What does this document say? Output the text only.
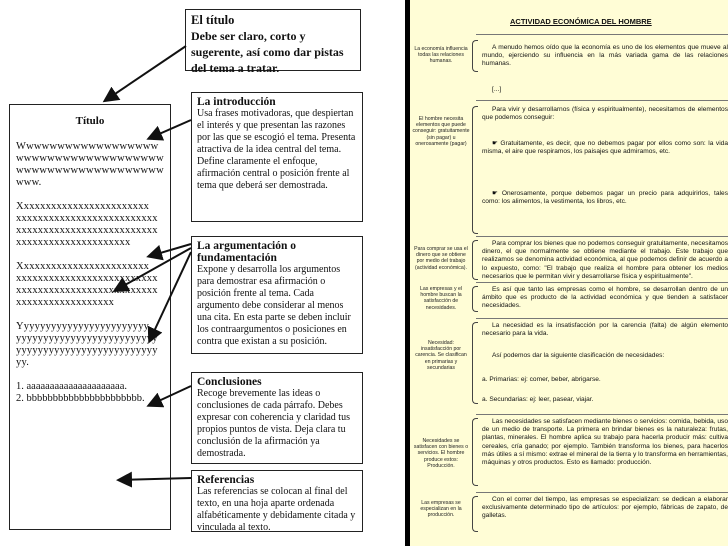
Título
Wwwwwwwwwwwwwwwwww
wwwwwwwwwwwwwwwwwww
wwwwwwwwwwwwwwwwwww
www.
Xxxxxxxxxxxxxxxxxxxxxxxx
xxxxxxxxxxxxxxxxxxxxxxxxxx
xxxxxxxxxxxxxxxxxxxxxxxxxx
xxxxxxxxxxxxxxxxxxxxx
Xxxxxxxxxxxxxxxxxxxxxxxx
xxxxxxxxxxxxxxxxxxxxxxxxxx
xxxxxxxxxxxxxxxxxxxxxxxxxx
xxxxxxxxxxxxxxxxxx
Yyyyyyyyyyyyyyyyyyyyyyyy
yyyyyyyyyyyyyyyyyyyyyyyyyy
yyyyyyyyyyyyyyyyyyyyyyyyyy
yy.
1. aaaaaaaaaaaaaaaaaaaaa.
2. bbbbbbbbbbbbbbbbbbbbbb.
El título
Debe ser claro, corto y sugerente, así como dar pistas del tema a tratar.
La introducción
Usa frases motivadoras, que despiertan el interés y que presentan las razones por las que se escogió el tema. Presenta atractiva de la idea central del tema. Define claramente el enfoque, afirmación central o posición frente al tema que deberá ser demostrada.
La argumentación o fundamentación
Expone y desarrolla los argumentos para demostrar esa afirmación o posición frente al tema. Cada argumento debe considerar al menos una cita. En esta parte se deben incluir los contraargumentos o posiciones en contra que existan a su posición.
Conclusiones
Recoge brevemente las ideas o conclusiones de cada párrafo. Debes expresar con coherencia y claridad tus propios puntos de vista. Deja clara tu conclusión de la afirmación ya demostrada.
Referencias
Las referencias se colocan al final del texto, en una hoja aparte ordenada alfabéticamente y debidamente citada y vinculada al texto.
ACTIVIDAD ECONÓMICA DEL HOMBRE
La economía influencia todas las relaciones humanas.
A menudo hemos oído que la economía es uno de los elementos que mueve al mundo, ejerciendo su influencia en la más variada gama de las relaciones humanas.
[...]
El hombre necesita elementos que puede conseguir: gratuitamente (sin pagar) u onerosamente (pagar)
Para vivir y desarrollarnos (física y espiritualmente), necesitamos de elementos que podemos conseguir:
☛ Gratuitamente, es decir, que no debemos pagar por ellos como son: la vida misma, el aire que respiramos, los paisajes que admiramos, etc.
☛ Onerosamente, porque debemos pagar un precio para adquirirlos, tales como: los alimentos, la vestimenta, los libros, etc.
Para comprar se usa el dinero que se obtiene por medio del trabajo (actividad económica).
Para comprar los bienes que no podemos conseguir gratuitamente, necesitamos dinero, el que normalmente se obtiene mediante el trabajo. Este trabajo que realizamos se denomina actividad económica, al que podemos definir de acuerdo a lo expuesto, como: "El trabajo que realiza el hombre para obtener los medios necesarios que le permitan vivir y desarrollarse física y espiritualmente".
Las empresas y el hombre buscan la satisfacción de necesidades.
Es así que tanto las empresas como el hombre, se desarrollan dentro de un ámbito que es producto de la actividad económica y que tienden a satisfacer necesidades.
Necesidad: insatisfacción por carencia. Se clasifican en primarias y secundarias
La necesidad es la insatisfacción por la carencia (falta) de algún elemento necesario para la vida.
Así podemos dar la siguiente clasificación de necesidades:
a. Primarias: ej: comer, beber, abrigarse.
a. Secundarias: ej: leer, pasear, viajar.
Necesidades se satisfacen con bienes o servicios. El hombre produce estos: Producción.
Las necesidades se satisfacen mediante bienes o servicios: comida, bebida, uso de un medio de transporte. La primera en brindar bienes es la naturaleza: frutas, plantas, minerales. El hombre aplica su trabajo para hacerla producir más: cultiva cereales, cría ganado; por ejemplo. También transforma los bienes, para hacerlos más útiles a sí mismo: extrae el mineral de la tierra y lo transforma en herramientas, máquinas y otros productos. Esto es llamado: producción.
Las empresas se especializan en la producción.
Con el correr del tiempo, las empresas se especializan: se dedican a elaborar exclusivamente determinado tipo de artículos: por ejemplo, fábricas de zapato, de galletas.
